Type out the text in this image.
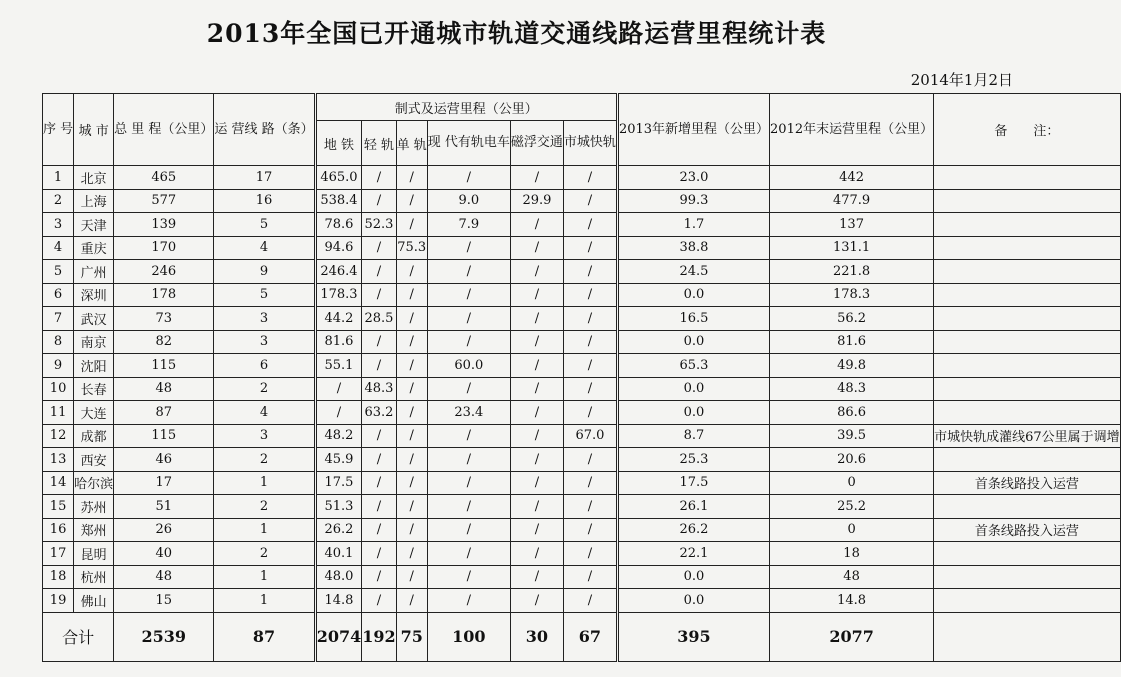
2013年全国已开通城市轨道交通线路运营里程统计表
2014年1月2日
序 号	城 市	总 里 程（公里）	运 营线 路（条）	制式及运营里程（公里）						2013年新增里程（公里）	2012年末运营里程（公里）	备　　注：
				地 铁	轻 轨	单 轨	现 代有轨电车	磁浮交通	市城快轨			
1	北京	465	17	465.0	/	/	/	/	/	23.0	442	
2	上海	577	16	538.4	/	/	9.0	29.9	/	99.3	477.9	
3	天津	139	5	78.6	52.3	/	7.9	/	/	1.7	137	
4	重庆	170	4	94.6	/	75.3	/	/	/	38.8	131.1	
5	广州	246	9	246.4	/	/	/	/	/	24.5	221.8	
6	深圳	178	5	178.3	/	/	/	/	/	0.0	178.3	
7	武汉	73	3	44.2	28.5	/	/	/	/	16.5	56.2	
8	南京	82	3	81.6	/	/	/	/	/	0.0	81.6	
9	沈阳	115	6	55.1	/	/	60.0	/	/	65.3	49.8	
10	长春	48	2	/	48.3	/	/	/	/	0.0	48.3	
11	大连	87	4	/	63.2	/	23.4	/	/	0.0	86.6	
12	成都	115	3	48.2	/	/	/	/	67.0	8.7	39.5	市城快轨成灌线67公里属于调增
13	西安	46	2	45.9	/	/	/	/	/	25.3	20.6	
14	哈尔滨	17	1	17.5	/	/	/	/	/	17.5	0	首条线路投入运营
15	苏州	51	2	51.3	/	/	/	/	/	26.1	25.2	
16	郑州	26	1	26.2	/	/	/	/	/	26.2	0	首条线路投入运营
17	昆明	40	2	40.1	/	/	/	/	/	22.1	18	
18	杭州	48	1	48.0	/	/	/	/	/	0.0	48	
19	佛山	15	1	14.8	/	/	/	/	/	0.0	14.8	
合计		2539	87	2074	192	75	100	30	67	395	2077	
